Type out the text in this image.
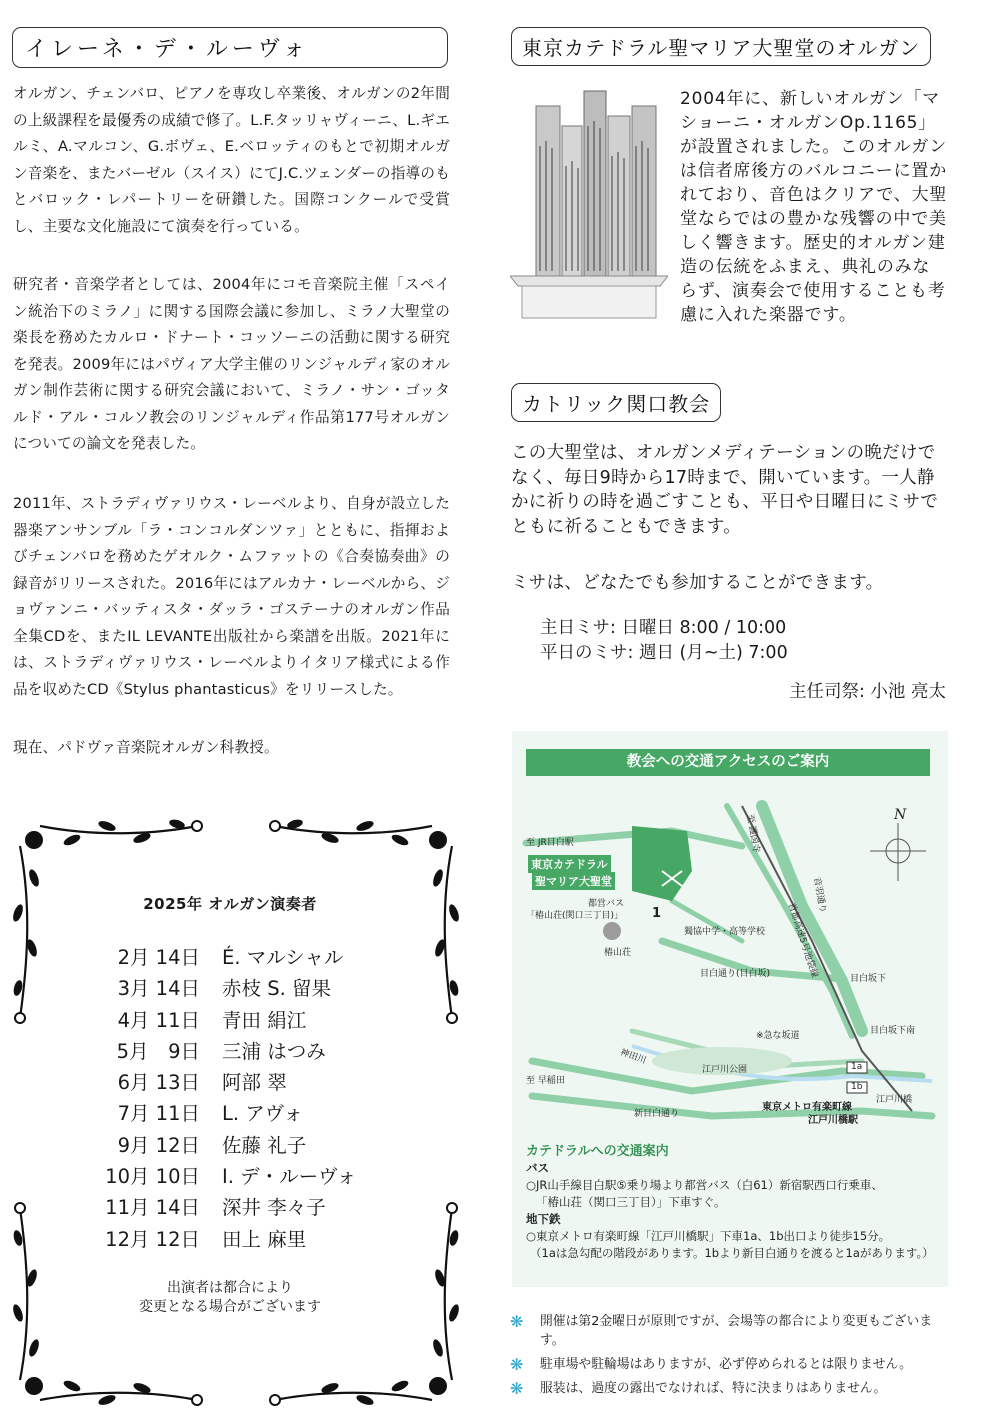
イレーネ・デ・ルーヴォ
オルガン、チェンバロ、ピアノを専攻し卒業後、オルガンの2年間の上級課程を最優秀の成績で修了。L.F.タッリャヴィーニ、L.ギエルミ、A.マルコン、G.ボヴェ、E.ベロッティのもとで初期オルガン音楽を、またバーゼル（スイス）にてJ.C.ツェンダーの指導のもとバロック・レパートリーを研鑽した。国際コンクールで受賞し、主要な文化施設にて演奏を行っている。
研究者・音楽学者としては、2004年にコモ音楽院主催「スペイン統治下のミラノ」に関する国際会議に参加し、ミラノ大聖堂の楽長を務めたカルロ・ドナート・コッソーニの活動に関する研究を発表。2009年にはパヴィア大学主催のリンジャルディ家のオルガン制作芸術に関する研究会議において、ミラノ・サン・ゴッタルド・アル・コルソ教会のリンジャルディ作品第177号オルガンについての論文を発表した。
2011年、ストラディヴァリウス・レーベルより、自身が設立した器楽アンサンブル「ラ・コンコルダンツァ」とともに、指揮およびチェンバロを務めたゲオルク・ムファットの《合奏協奏曲》の録音がリリースされた。2016年にはアルカナ・レーベルから、ジョヴァンニ・バッティスタ・ダッラ・ゴステーナのオルガン作品全集CDを、またIL LEVANTE出版社から楽譜を出版。2021年には、ストラディヴァリウス・レーベルよりイタリア様式による作品を収めたCD《Stylus phantasticus》をリリースした。
現在、パドヴァ音楽院オルガン科教授。
2025年 オルガン演奏者
2月 14日 É. マルシャル
3月 14日 赤枝 S. 留果
4月 11日 青田 絹江
5月　9日 三浦 はつみ
6月 13日 阿部 翠
7月 11日 L. アヴォ
9月 12日 佐藤 礼子
10月 10日 I. デ・ルーヴォ
11月 14日 深井 李々子
12月 12日 田上 麻里
出演者は都合により
変更となる場合がございます
東京カテドラル聖マリア大聖堂のオルガン
2004年に、新しいオルガン「マショーニ・オルガンOp.1165」が設置されました。このオルガンは信者席後方のバルコニーに置かれており、音色はクリアで、大聖堂ならではの豊かな残響の中で美しく響きます。歴史的オルガン建造の伝統をふまえ、典礼のみならず、演奏会で使用することも考慮に入れた楽器です。
カトリック関口教会
この大聖堂は、オルガンメディテーションの晩だけでなく、毎日9時から17時まで、開いています。一人静かに祈りの時を過ごすことも、平日や日曜日にミサでともに祈ることもできます。
ミサは、どなたでも参加することができます。
主日ミサ: 日曜日 8:00 / 10:00
平日のミサ: 週日 (月~土) 7:00
主任司祭: 小池 亮太
教会への交通アクセスのご案内
至 JR目白駅	至 護国寺	N
東京カテドラル
聖マリア大聖堂
都営バス
「椿山荘(関口三丁目)」 1
獨協中学・高等学校
椿山荘
目白通り(目白坂)
音羽通り
首都高速5号池袋線
目白坂下
※急な坂道	目白坂下南
神田川
江戸川公園
至 早稲田
1a
1b
江戸川橋
東京メトロ有楽町線
江戸川橋駅
新目白通り
カテドラルへの交通案内
バス
○JR山手線目白駅⑤乗り場より都営バス（白61）新宿駅西口行乗車、
「椿山荘（関口三丁目）」下車すぐ。
地下鉄
○東京メトロ有楽町線「江戸川橋駅」下車1a、1b出口より徒歩15分。
（1aは急勾配の階段があります。1bより新目白通りを渡ると1aがあります。）
❋	開催は第2金曜日が原則ですが、会場等の都合により変更もございます。
❋	駐車場や駐輪場はありますが、必ず停められるとは限りません。
❋	服装は、過度の露出でなければ、特に決まりはありません。
